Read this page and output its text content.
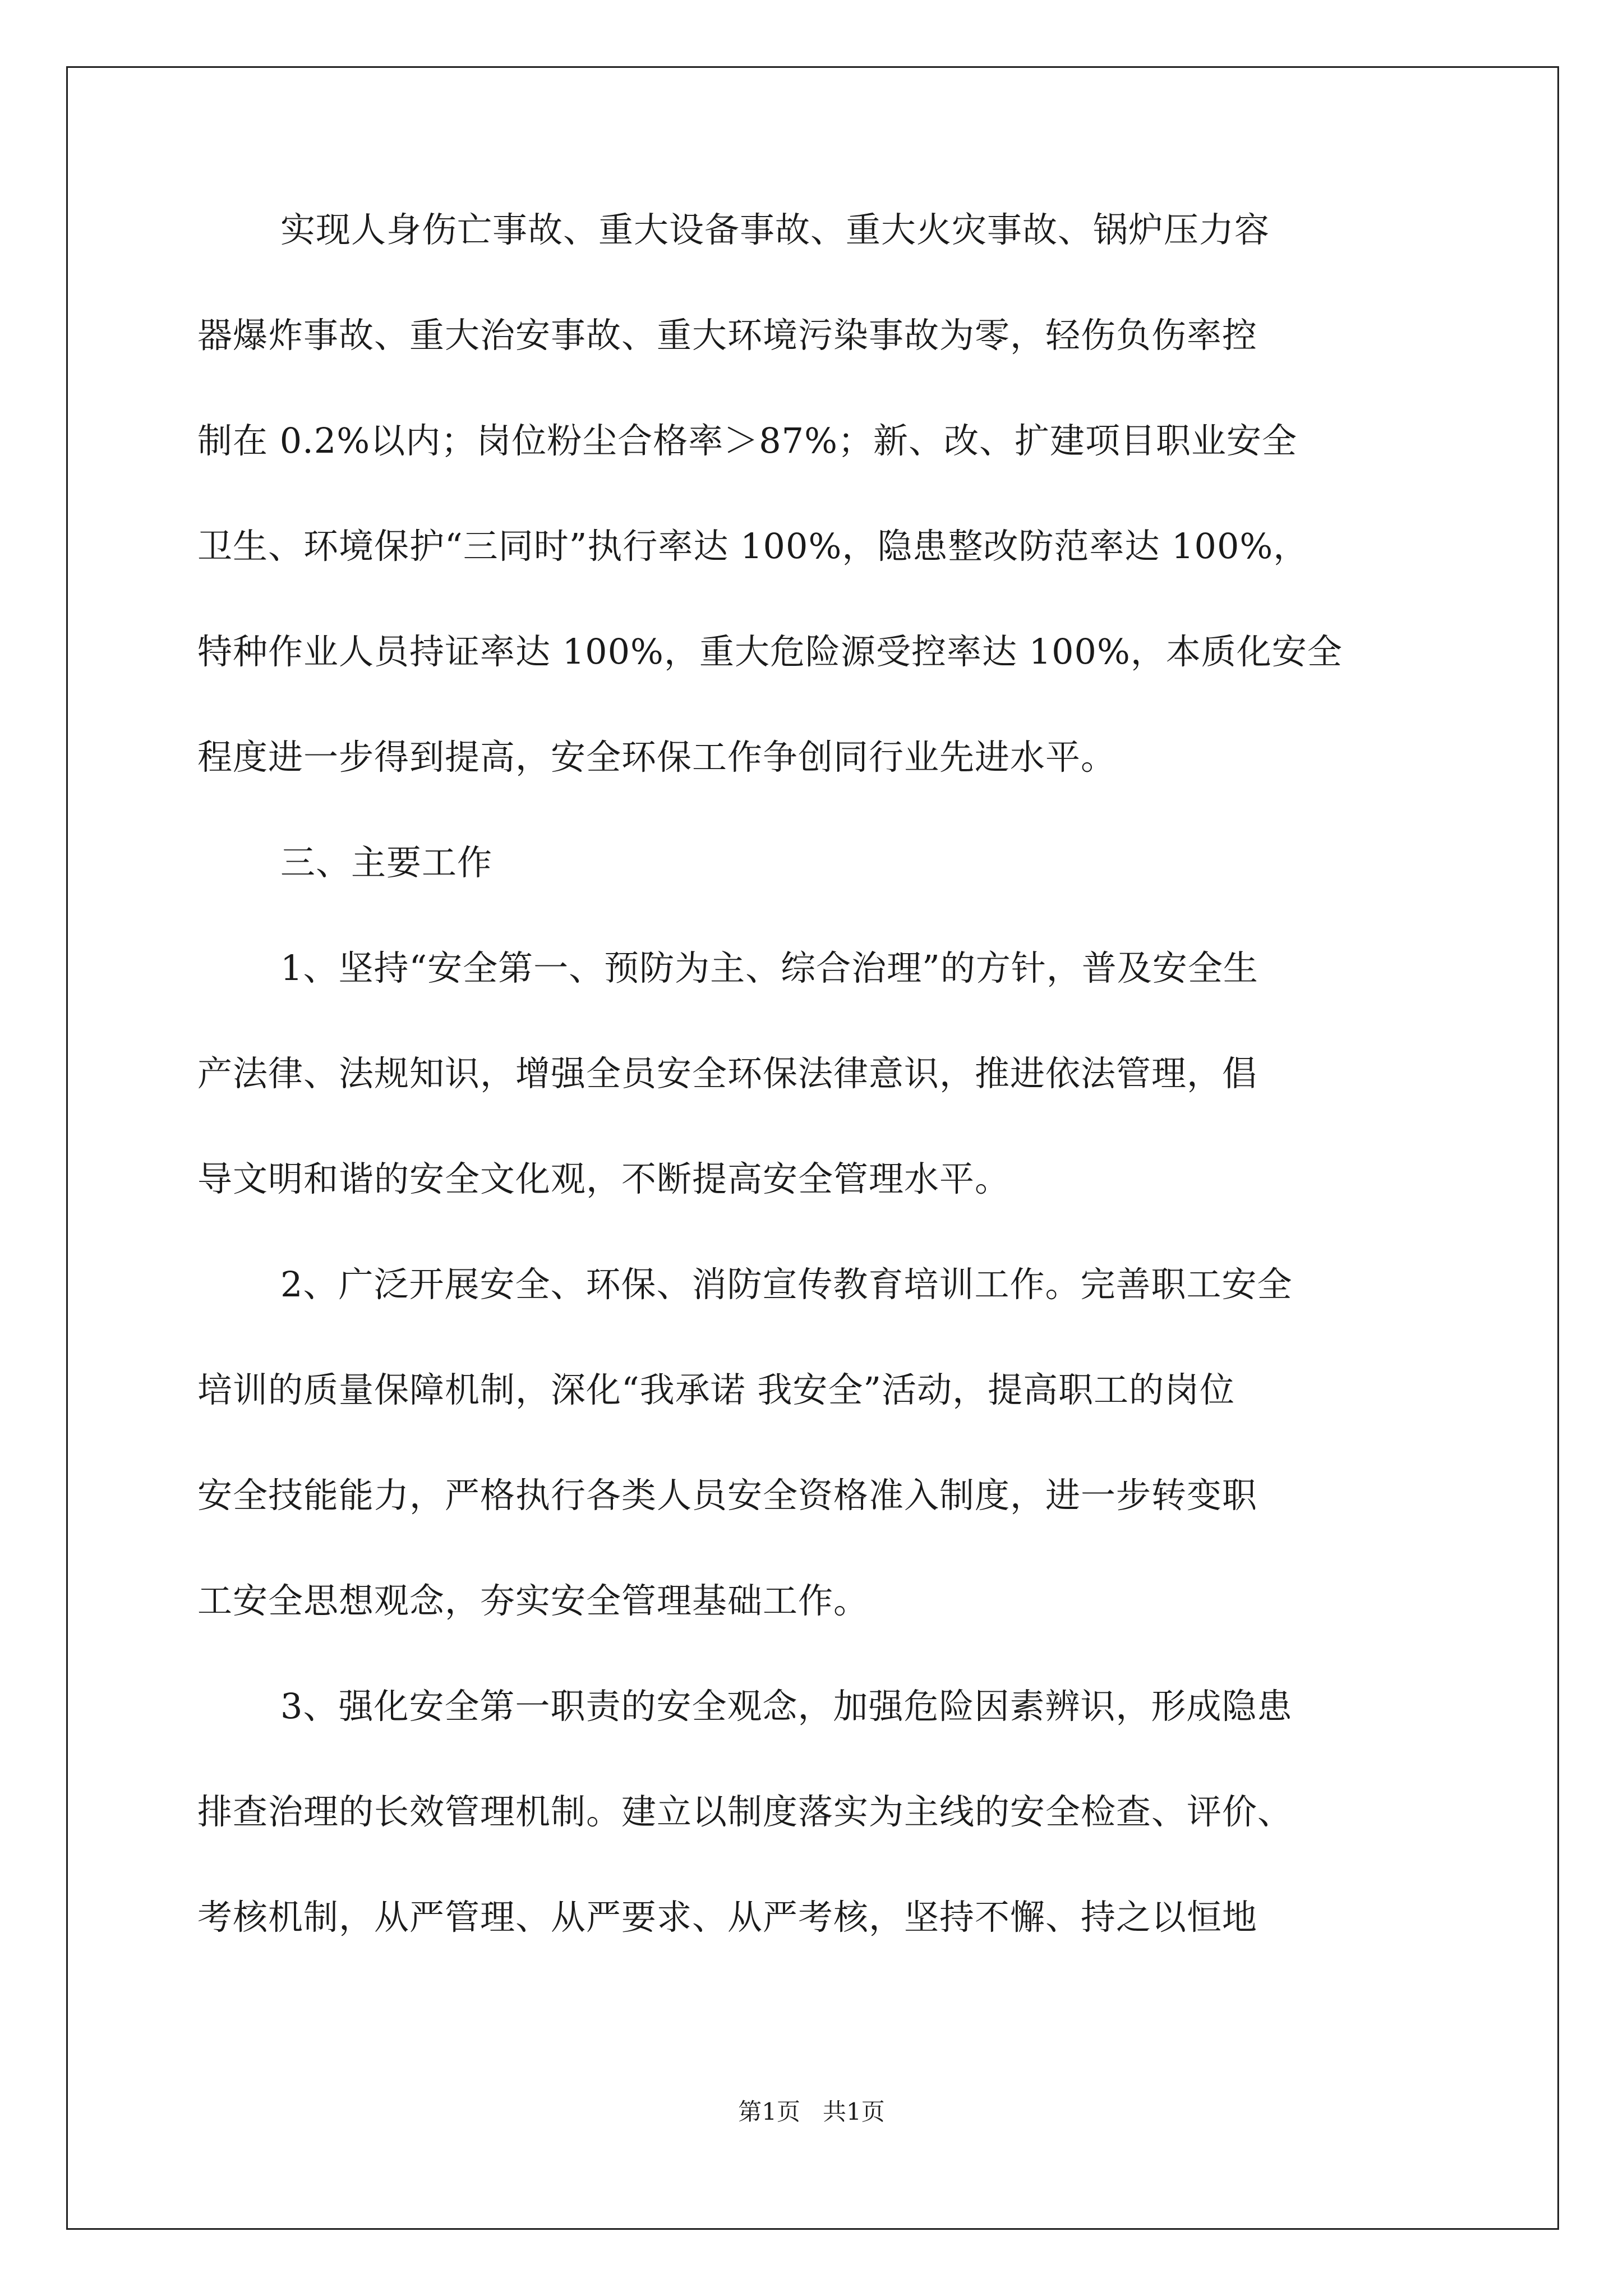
实现人身伤亡事故、重大设备事故、重大火灾事故、锅炉压力容
器爆炸事故、重大治安事故、重大环境污染事故为零，轻伤负伤率控
制在 0.2%以内；岗位粉尘合格率＞87%；新、改、扩建项目职业安全
卫生、环境保护“三同时”执行率达 100%，隐患整改防范率达 100%，
特种作业人员持证率达 100%，重大危险源受控率达 100%，本质化安全
程度进一步得到提高，安全环保工作争创同行业先进水平。
三、主要工作
1、坚持“安全第一、预防为主、综合治理”的方针，普及安全生
产法律、法规知识，增强全员安全环保法律意识，推进依法管理，倡
导文明和谐的安全文化观，不断提高安全管理水平。
2、广泛开展安全、环保、消防宣传教育培训工作。完善职工安全
培训的质量保障机制，深化“我承诺 我安全”活动，提高职工的岗位
安全技能能力，严格执行各类人员安全资格准入制度，进一步转变职
工安全思想观念，夯实安全管理基础工作。
3、强化安全第一职责的安全观念，加强危险因素辨识，形成隐患
排查治理的长效管理机制。建立以制度落实为主线的安全检查、评价、
考核机制，从严管理、从严要求、从严考核，坚持不懈、持之以恒地
第1页 共1页
